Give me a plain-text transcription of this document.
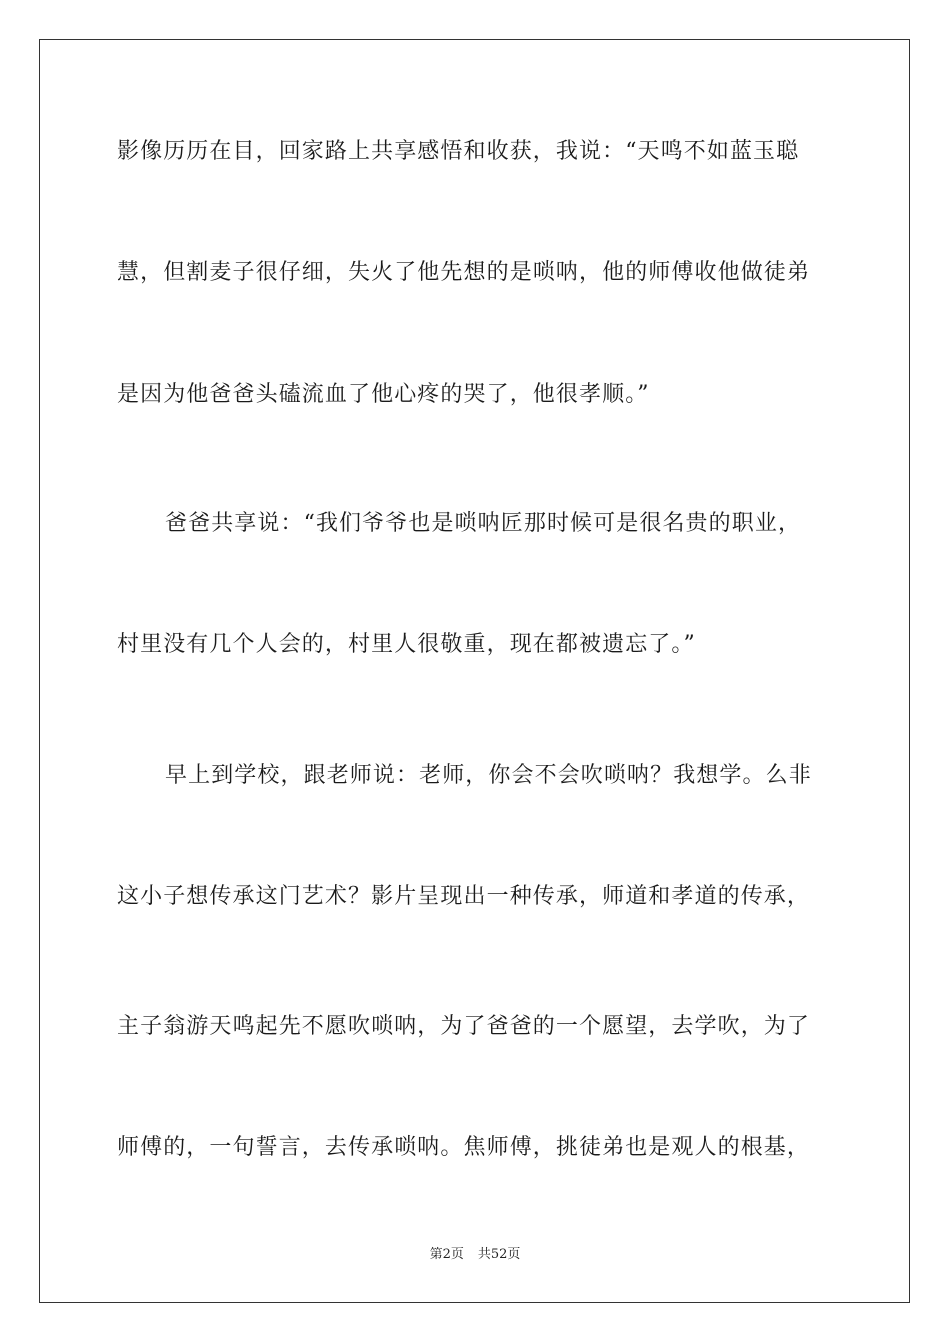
影像历历在目，回家路上共享感悟和收获，我说：“天鸣不如蓝玉聪
慧，但割麦子很仔细，失火了他先想的是唢呐，他的师傅收他做徒弟
是因为他爸爸头磕流血了他心疼的哭了，他很孝顺。”
爸爸共享说：“我们爷爷也是唢呐匠那时候可是很名贵的职业，
村里没有几个人会的，村里人很敬重，现在都被遗忘了。”
早上到学校，跟老师说：老师，你会不会吹唢呐？我想学。么非
这小子想传承这门艺术？影片呈现出一种传承，师道和孝道的传承，
主子翁游天鸣起先不愿吹唢呐，为了爸爸的一个愿望，去学吹，为了
师傅的，一句誓言，去传承唢呐。焦师傅，挑徒弟也是观人的根基，
第2页 共52页
